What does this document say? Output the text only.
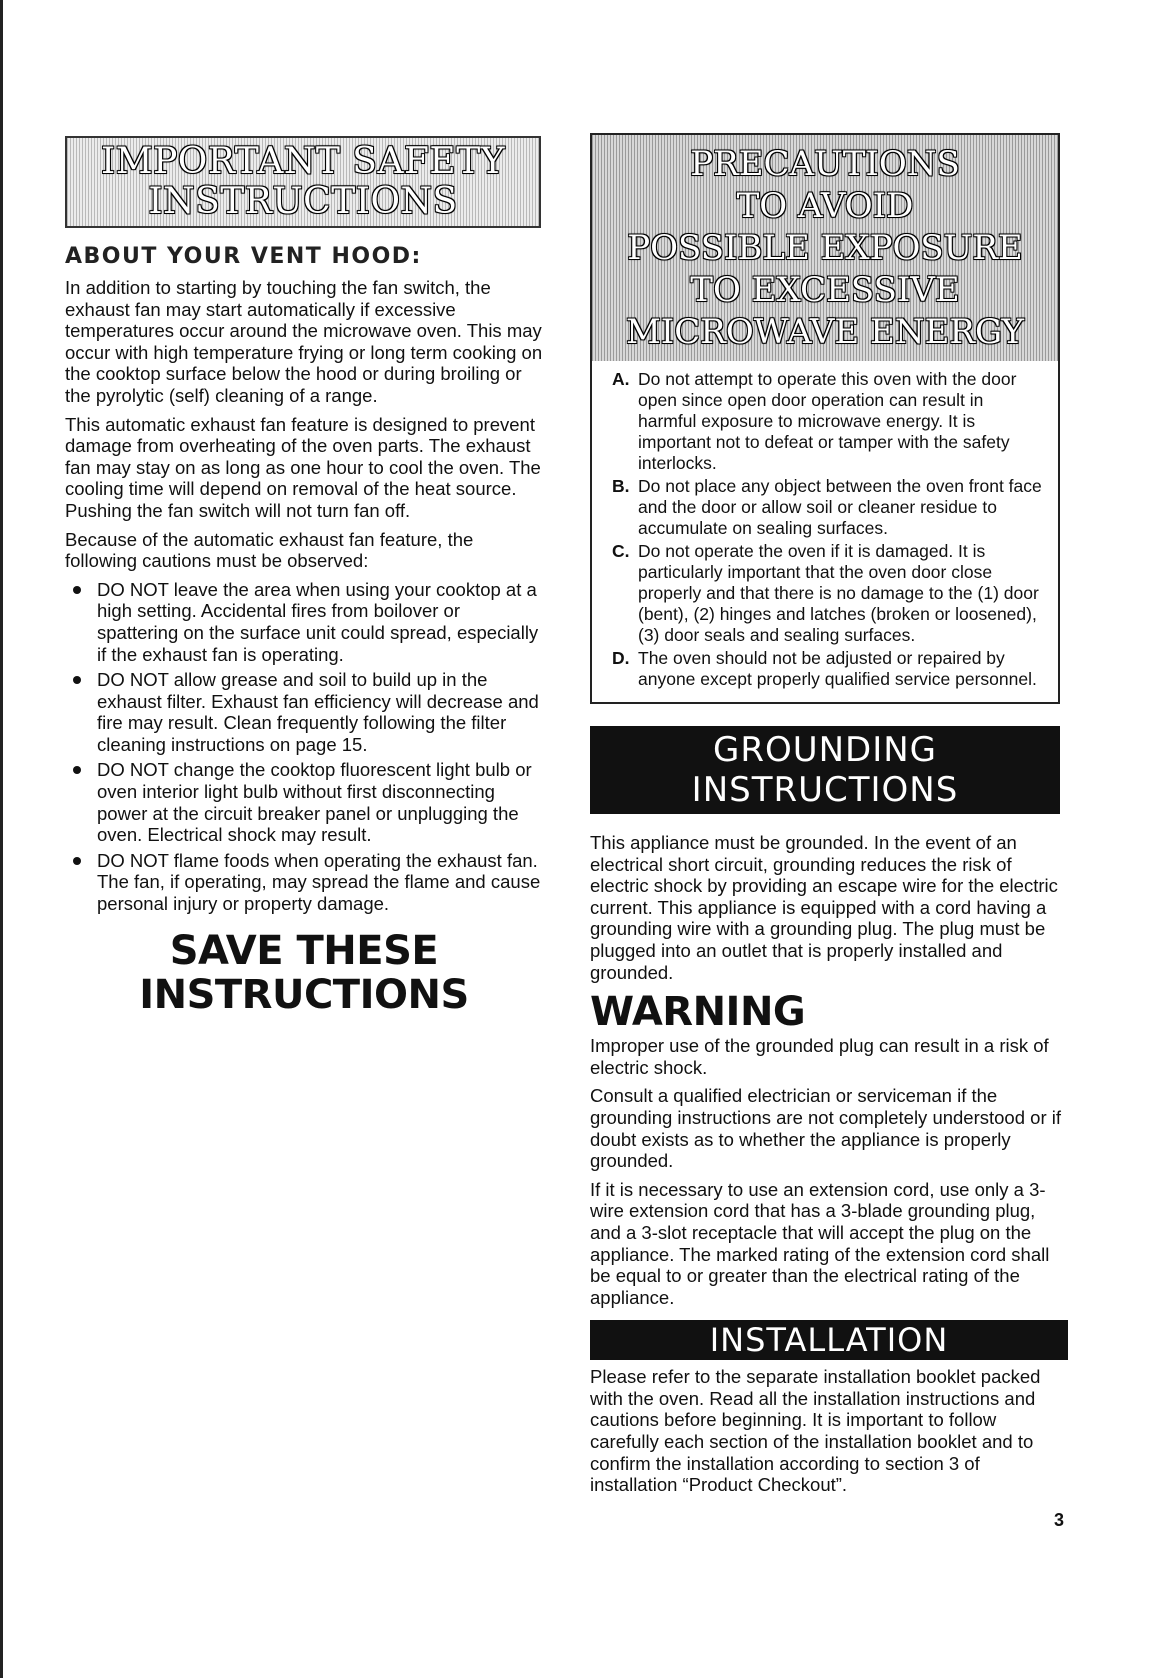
IMPORTANT SAFETY
INSTRUCTIONS
ABOUT YOUR VENT HOOD:

In addition to starting by touching the fan switch, the exhaust fan may start automatically if excessive temperatures occur around the microwave oven. This may occur with high temperature frying or long term cooking on the cooktop surface below the hood or during broiling or the pyrolytic (self) cleaning of a range.

This automatic exhaust fan feature is designed to prevent damage from overheating of the oven parts. The exhaust fan may stay on as long as one hour to cool the oven. The cooling time will depend on removal of the heat source. Pushing the fan switch will not turn fan off.

Because of the automatic exhaust fan feature, the following cautions must be observed:

DO NOT leave the area when using your cooktop at a high setting. Accidental fires from boilover or spattering on the surface unit could spread, especially if the exhaust fan is operating.
DO NOT allow grease and soil to build up in the exhaust filter. Exhaust fan efficiency will decrease and fire may result. Clean frequently following the filter cleaning instructions on page 15.
DO NOT change the cooktop fluorescent light bulb or oven interior light bulb without first disconnecting power at the circuit breaker panel or unplugging the oven. Electrical shock may result.
DO NOT flame foods when operating the exhaust fan. The fan, if operating, may spread the flame and cause personal injury or property damage.
SAVE THESE
INSTRUCTIONS
PRECAUTIONS
TO AVOID
POSSIBLE EXPOSURE
TO EXCESSIVE
MICROWAVE ENERGY
A. Do not attempt to operate this oven with the door open since open door operation can result in harmful exposure to microwave energy. It is important not to defeat or tamper with the safety interlocks.
B. Do not place any object between the oven front face and the door or allow soil or cleaner residue to accumulate on sealing surfaces.
C. Do not operate the oven if it is damaged. It is particularly important that the oven door close properly and that there is no damage to the (1) door (bent), (2) hinges and latches (broken or loosened), (3) door seals and sealing surfaces.
D. The oven should not be adjusted or repaired by anyone except properly qualified service personnel.
GROUNDING
INSTRUCTIONS

This appliance must be grounded. In the event of an electrical short circuit, grounding reduces the risk of electric shock by providing an escape wire for the electric current. This appliance is equipped with a cord having a grounding wire with a grounding plug. The plug must be plugged into an outlet that is properly installed and grounded.

WARNING

Improper use of the grounded plug can result in a risk of electric shock.

Consult a qualified electrician or serviceman if the grounding instructions are not completely understood or if doubt exists as to whether the appliance is properly grounded.

If it is necessary to use an extension cord, use only a 3-wire extension cord that has a 3-blade grounding plug, and a 3-slot receptacle that will accept the plug on the appliance. The marked rating of the extension cord shall be equal to or greater than the electrical rating of the appliance.

INSTALLATION

Please refer to the separate installation booklet packed with the oven. Read all the installation instructions and cautions before beginning. It is important to follow carefully each section of the installation booklet and to confirm the installation according to section 3 of installation “Product Checkout”.

3
